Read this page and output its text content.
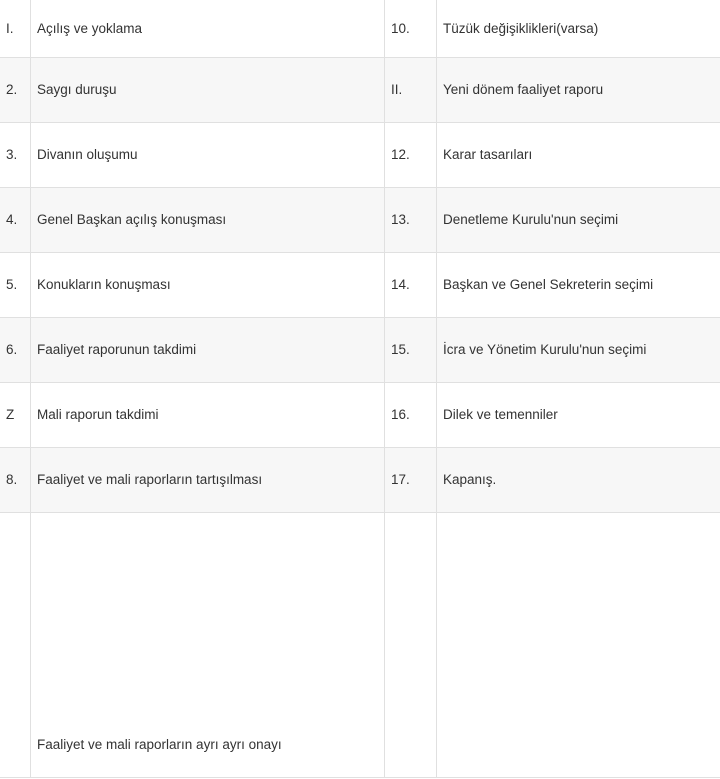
I.	Açılış ve yoklama	10.	Tüzük değişiklikleri(varsa)
2.	Saygı duruşu	II.	Yeni dönem faaliyet raporu
3.	Divanın oluşumu	12.	Karar tasarıları
4.	Genel Başkan açılış konuşması	13.	Denetleme Kurulu'nun seçimi
5.	Konukların konuşması	14.	Başkan ve Genel Sekreterin seçimi
6.	Faaliyet raporunun takdimi	15.	İcra ve Yönetim Kurulu'nun seçimi
Z	Mali raporun takdimi	16.	Dilek ve temenniler
8.	Faaliyet ve mali raporların tartışılması	17.	Kapanış.
	Faaliyet ve mali raporların ayrı ayrı onayı		
